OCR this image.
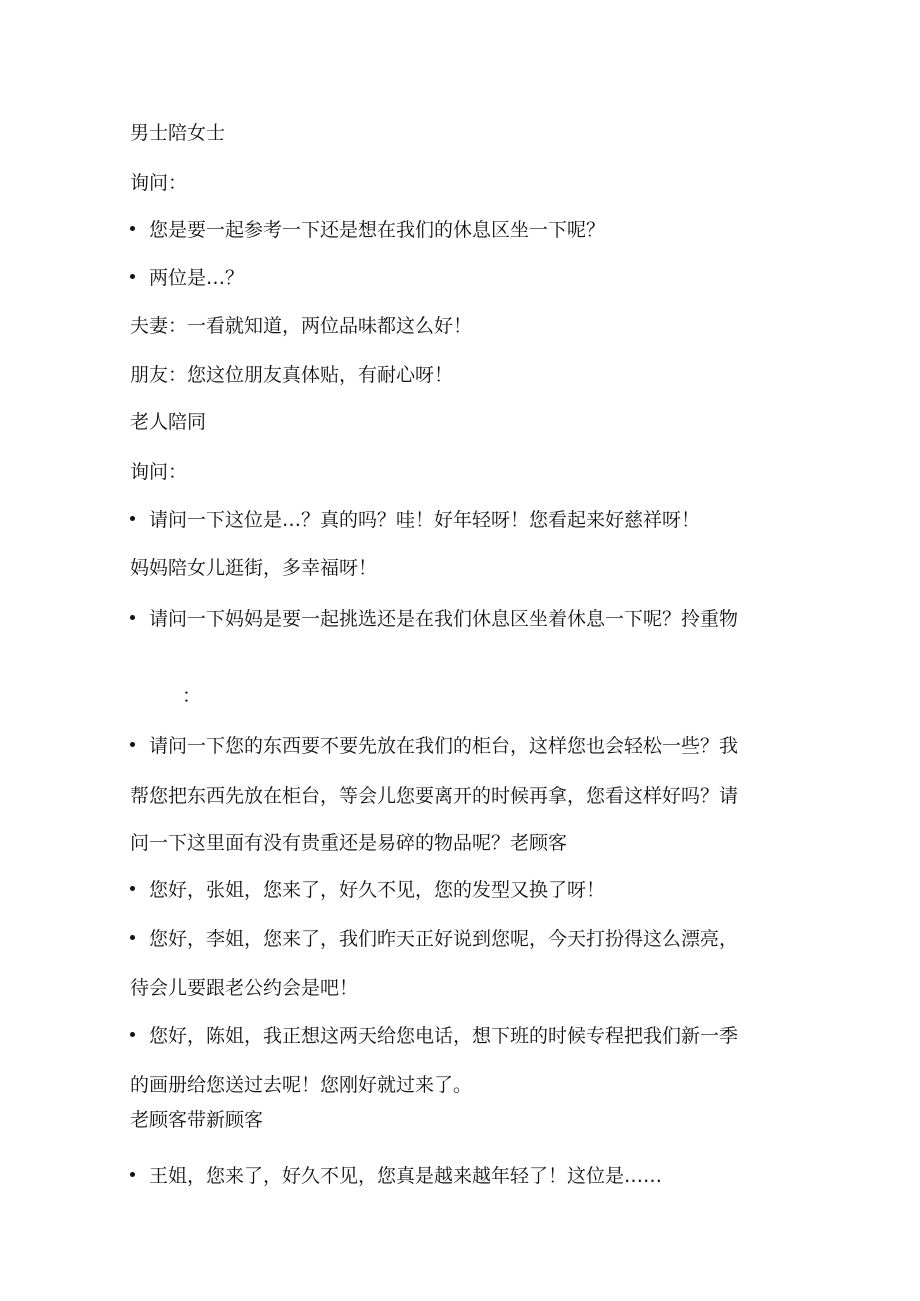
男士陪女士
询问：
您是要一起参考一下还是想在我们的休息区坐一下呢？
两位是…？
夫妻：一看就知道，两位品味都这么好！
朋友：您这位朋友真体贴，有耐心呀！
老人陪同
询问：
请问一下这位是…？真的吗？哇！好年轻呀！您看起来好慈祥呀！
妈妈陪女儿逛街，多幸福呀！
请问一下妈妈是要一起挑选还是在我们休息区坐着休息一下呢？拎重物
：
请问一下您的东西要不要先放在我们的柜台，这样您也会轻松一些？我
帮您把东西先放在柜台，等会儿您要离开的时候再拿，您看这样好吗？请
问一下这里面有没有贵重还是易碎的物品呢？老顾客
您好，张姐，您来了，好久不见，您的发型又换了呀！
您好，李姐，您来了，我们昨天正好说到您呢，今天打扮得这么漂亮，
待会儿要跟老公约会是吧！
您好，陈姐，我正想这两天给您电话，想下班的时候专程把我们新一季
的画册给您送过去呢！您刚好就过来了。
老顾客带新顾客
王姐，您来了，好久不见，您真是越来越年轻了！这位是……
